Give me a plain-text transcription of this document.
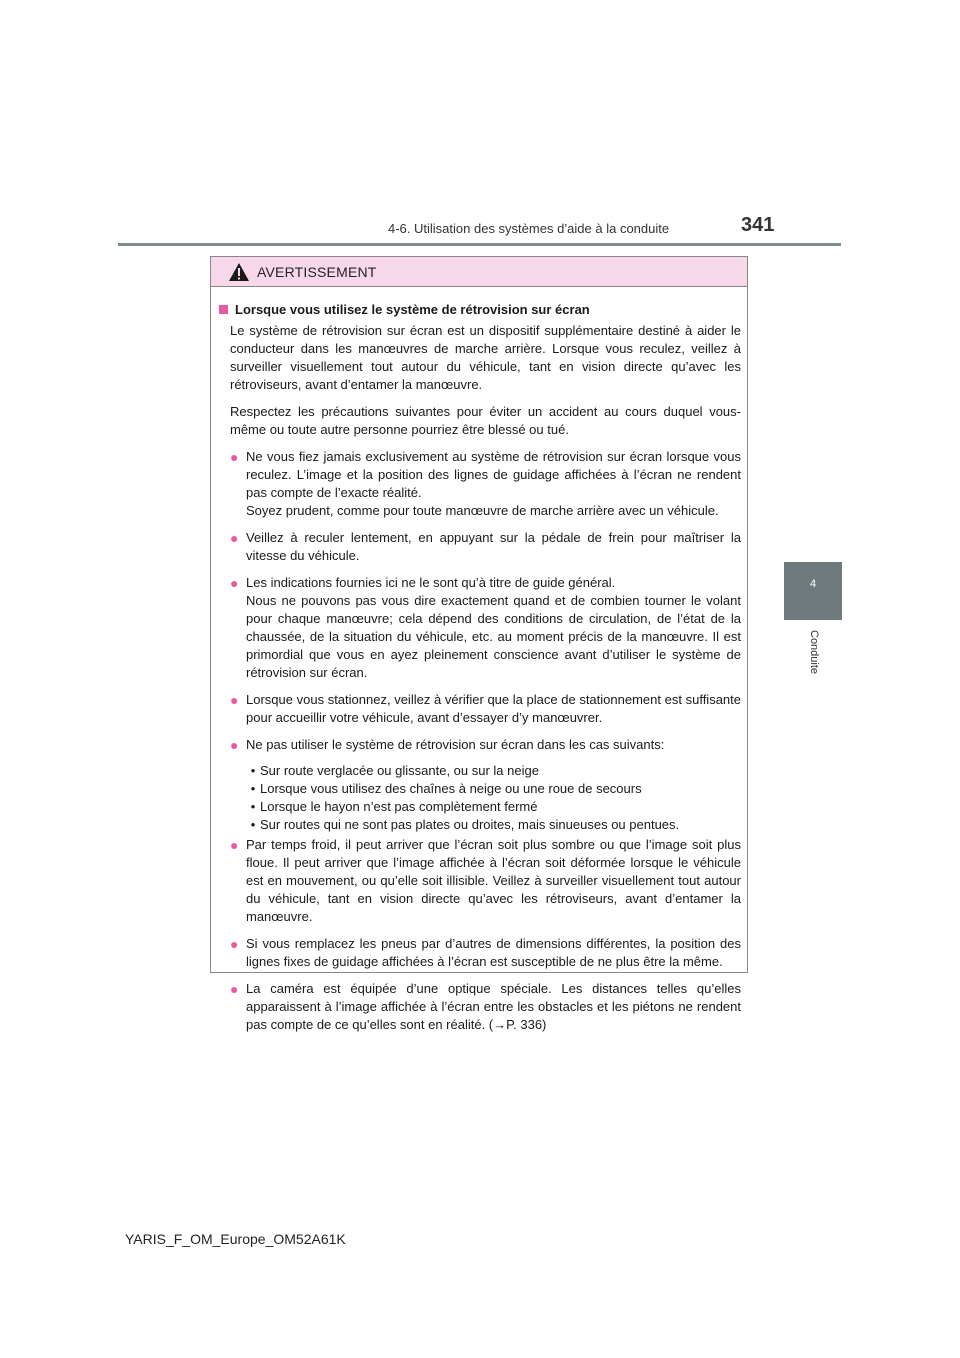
4-6. Utilisation des systèmes d’aide à la conduite	341
4
Conduite
AVERTISSEMENT
Lorsque vous utilisez le système de rétrovision sur écran
Le système de rétrovision sur écran est un dispositif supplémentaire destiné à aider le conducteur dans les manœuvres de marche arrière. Lorsque vous reculez, veillez à surveiller visuellement tout autour du véhicule, tant en vision directe qu’avec les rétroviseurs, avant d’entamer la manœuvre.
Respectez les précautions suivantes pour éviter un accident au cours duquel vous-même ou toute autre personne pourriez être blessé ou tué.
● Ne vous fiez jamais exclusivement au système de rétrovision sur écran lorsque vous reculez. L’image et la position des lignes de guidage affichées à l’écran ne rendent pas compte de l’exacte réalité.
Soyez prudent, comme pour toute manœuvre de marche arrière avec un véhicule.
● Veillez à reculer lentement, en appuyant sur la pédale de frein pour maîtriser la vitesse du véhicule.
● Les indications fournies ici ne le sont qu’à titre de guide général.
Nous ne pouvons pas vous dire exactement quand et de combien tourner le volant pour chaque manœuvre; cela dépend des conditions de circulation, de l’état de la chaussée, de la situation du véhicule, etc. au moment précis de la manœuvre. Il est primordial que vous en ayez pleinement conscience avant d’utiliser le système de rétrovision sur écran.
● Lorsque vous stationnez, veillez à vérifier que la place de stationnement est suffisante pour accueillir votre véhicule, avant d’essayer d’y manœuvrer.
● Ne pas utiliser le système de rétrovision sur écran dans les cas suivants:
• Sur route verglacée ou glissante, ou sur la neige
• Lorsque vous utilisez des chaînes à neige ou une roue de secours
• Lorsque le hayon n’est pas complètement fermé
• Sur routes qui ne sont pas plates ou droites, mais sinueuses ou pentues.
● Par temps froid, il peut arriver que l’écran soit plus sombre ou que l’image soit plus floue. Il peut arriver que l’image affichée à l’écran soit déformée lorsque le véhicule est en mouvement, ou qu’elle soit illisible. Veillez à surveiller visuellement tout autour du véhicule, tant en vision directe qu’avec les rétroviseurs, avant d’entamer la manœuvre.
● Si vous remplacez les pneus par d’autres de dimensions différentes, la position des lignes fixes de guidage affichées à l’écran est susceptible de ne plus être la même.
● La caméra est équipée d’une optique spéciale. Les distances telles qu’elles apparaissent à l’image affichée à l’écran entre les obstacles et les piétons ne rendent pas compte de ce qu’elles sont en réalité. (→P. 336)
YARIS_F_OM_Europe_OM52A61K
